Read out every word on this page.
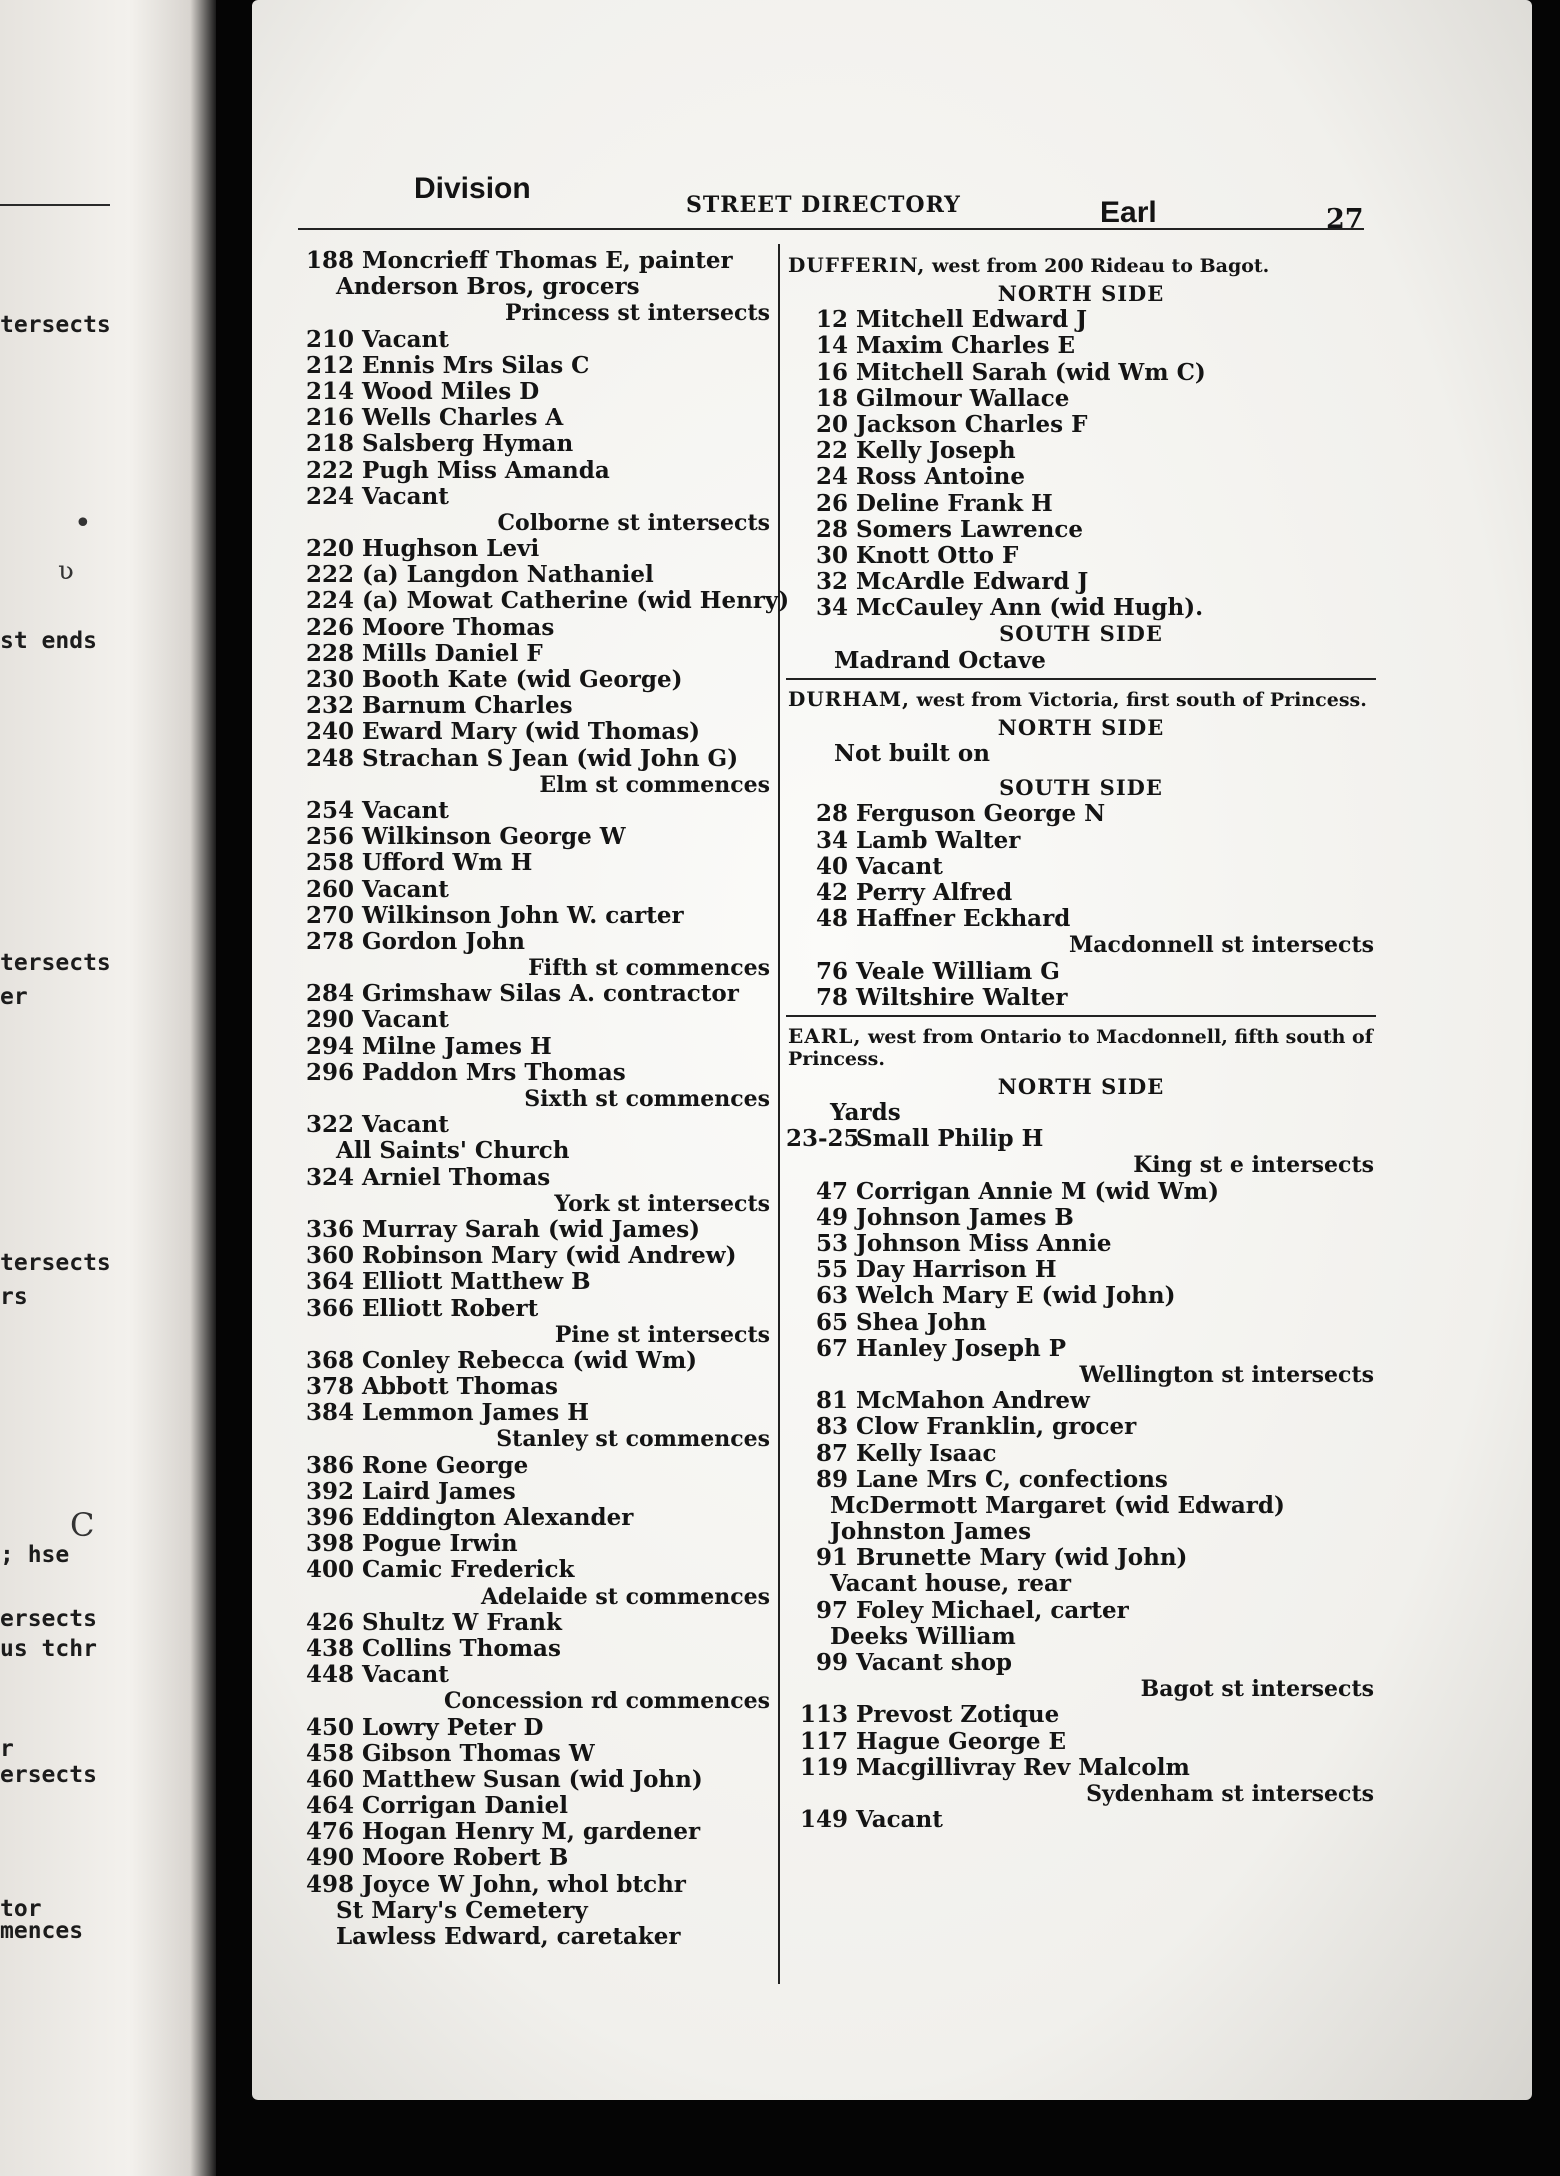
tersects
st ends
tersects
er
tersects
rs
; hse
ersects
us tchr
r
ersects
tor
mences
•
ʋ
C
Division	STREET DIRECTORY	Earl	27
188 Moncrieff Thomas E, painter
Anderson Bros, grocers
Princess st intersects
210 Vacant
212 Ennis Mrs Silas C
214 Wood Miles D
216 Wells Charles A
218 Salsberg Hyman
222 Pugh Miss Amanda
224 Vacant
Colborne st intersects
220 Hughson Levi
222 (a) Langdon Nathaniel
224 (a) Mowat Catherine (wid Henry)
226 Moore Thomas
228 Mills Daniel F
230 Booth Kate (wid George)
232 Barnum Charles
240 Eward Mary (wid Thomas)
248 Strachan S Jean (wid John G)
Elm st commences
254 Vacant
256 Wilkinson George W
258 Ufford Wm H
260 Vacant
270 Wilkinson John W. carter
278 Gordon John
Fifth st commences
284 Grimshaw Silas A. contractor
290 Vacant
294 Milne James H
296 Paddon Mrs Thomas
Sixth st commences
322 Vacant
All Saints' Church
324 Arniel Thomas
York st intersects
336 Murray Sarah (wid James)
360 Robinson Mary (wid Andrew)
364 Elliott Matthew B
366 Elliott Robert
Pine st intersects
368 Conley Rebecca (wid Wm)
378 Abbott Thomas
384 Lemmon James H
Stanley st commences
386 Rone George
392 Laird James
396 Eddington Alexander
398 Pogue Irwin
400 Camic Frederick
Adelaide st commences
426 Shultz W Frank
438 Collins Thomas
448 Vacant
Concession rd commences
450 Lowry Peter D
458 Gibson Thomas W
460 Matthew Susan (wid John)
464 Corrigan Daniel
476 Hogan Henry M, gardener
490 Moore Robert B
498 Joyce W John, whol btchr
St Mary's Cemetery
Lawless Edward, caretaker
DUFFERIN, west from 200 Rideau to Bagot.
NORTH SIDE
12 Mitchell Edward J
14 Maxim Charles E
16 Mitchell Sarah (wid Wm C)
18 Gilmour Wallace
20 Jackson Charles F
22 Kelly Joseph
24 Ross Antoine
26 Deline Frank H
28 Somers Lawrence
30 Knott Otto F
32 McArdle Edward J
34 McCauley Ann (wid Hugh).
SOUTH SIDE
Madrand Octave
DURHAM, west from Victoria, first south of Princess.
NORTH SIDE
Not built on
SOUTH SIDE
28 Ferguson George N
34 Lamb Walter
40 Vacant
42 Perry Alfred
48 Haffner Eckhard
Macdonnell st intersects
76 Veale William G
78 Wiltshire Walter
EARL, west from Ontario to Macdonnell, fifth south of Princess.
NORTH SIDE
Yards
23-25Small Philip H
King st e intersects
47 Corrigan Annie M (wid Wm)
49 Johnson James B
53 Johnson Miss Annie
55 Day Harrison H
63 Welch Mary E (wid John)
65 Shea John
67 Hanley Joseph P
Wellington st intersects
81 McMahon Andrew
83 Clow Franklin, grocer
87 Kelly Isaac
89 Lane Mrs C, confections
McDermott Margaret (wid Edward)
Johnston James
91 Brunette Mary (wid John)
Vacant house, rear
97 Foley Michael, carter
Deeks William
99 Vacant shop
Bagot st intersects
113 Prevost Zotique
117 Hague George E
119 Macgillivray Rev Malcolm
Sydenham st intersects
149 Vacant
